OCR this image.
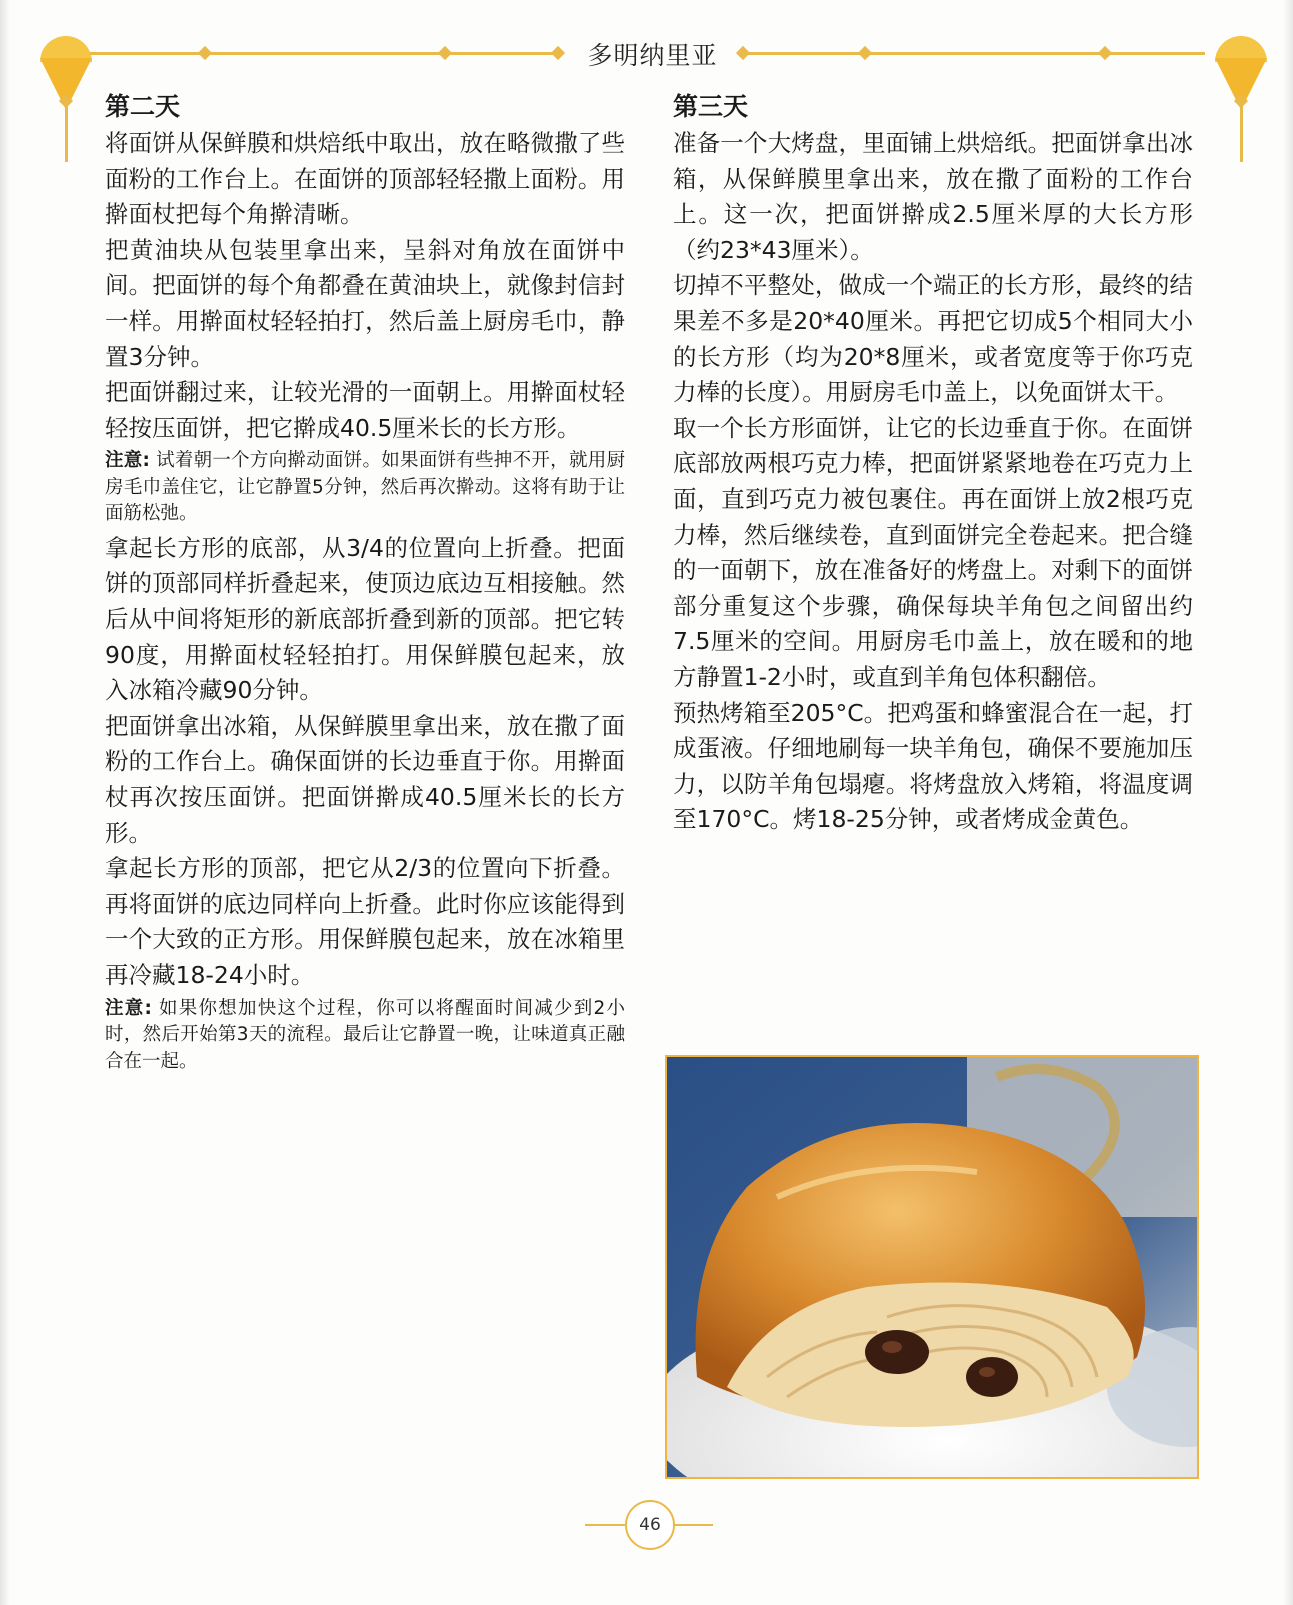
多明纳里亚
第二天

将面饼从保鲜膜和烘焙纸中取出，放在略微撒了些面粉的工作台上。在面饼的顶部轻轻撒上面粉。用擀面杖把每个角擀清晰。

把黄油块从包装里拿出来，呈斜对角放在面饼中间。把面饼的每个角都叠在黄油块上，就像封信封一样。用擀面杖轻轻拍打，然后盖上厨房毛巾，静置3分钟。

把面饼翻过来，让较光滑的一面朝上。用擀面杖轻轻按压面饼，把它擀成40.5厘米长的长方形。

注意: 试着朝一个方向擀动面饼。如果面饼有些抻不开，就用厨房毛巾盖住它，让它静置5分钟，然后再次擀动。这将有助于让面筋松弛。

拿起长方形的底部，从3/4的位置向上折叠。把面饼的顶部同样折叠起来，使顶边底边互相接触。然后从中间将矩形的新底部折叠到新的顶部。把它转90度，用擀面杖轻轻拍打。用保鲜膜包起来，放入冰箱冷藏90分钟。

把面饼拿出冰箱，从保鲜膜里拿出来，放在撒了面粉的工作台上。确保面饼的长边垂直于你。用擀面杖再次按压面饼。把面饼擀成40.5厘米长的长方形。

拿起长方形的顶部，把它从2/3的位置向下折叠。再将面饼的底边同样向上折叠。此时你应该能得到一个大致的正方形。用保鲜膜包起来，放在冰箱里再冷藏18-24小时。

注意: 如果你想加快这个过程，你可以将醒面时间减少到2小时，然后开始第3天的流程。最后让它静置一晚，让味道真正融合在一起。

第三天

准备一个大烤盘，里面铺上烘焙纸。把面饼拿出冰箱，从保鲜膜里拿出来，放在撒了面粉的工作台上。这一次，把面饼擀成2.5厘米厚的大长方形（约23*43厘米）。

切掉不平整处，做成一个端正的长方形，最终的结果差不多是20*40厘米。再把它切成5个相同大小的长方形（均为20*8厘米，或者宽度等于你巧克力棒的长度）。用厨房毛巾盖上，以免面饼太干。

取一个长方形面饼，让它的长边垂直于你。在面饼底部放两根巧克力棒，把面饼紧紧地卷在巧克力上面，直到巧克力被包裹住。再在面饼上放2根巧克力棒，然后继续卷，直到面饼完全卷起来。把合缝的一面朝下，放在准备好的烤盘上。对剩下的面饼部分重复这个步骤，确保每块羊角包之间留出约7.5厘米的空间。用厨房毛巾盖上，放在暖和的地方静置1-2小时，或直到羊角包体积翻倍。

预热烤箱至205°C。把鸡蛋和蜂蜜混合在一起，打成蛋液。仔细地刷每一块羊角包，确保不要施加压力，以防羊角包塌瘪。将烤盘放入烤箱，将温度调至170°C。烤18-25分钟，或者烤成金黄色。

46
